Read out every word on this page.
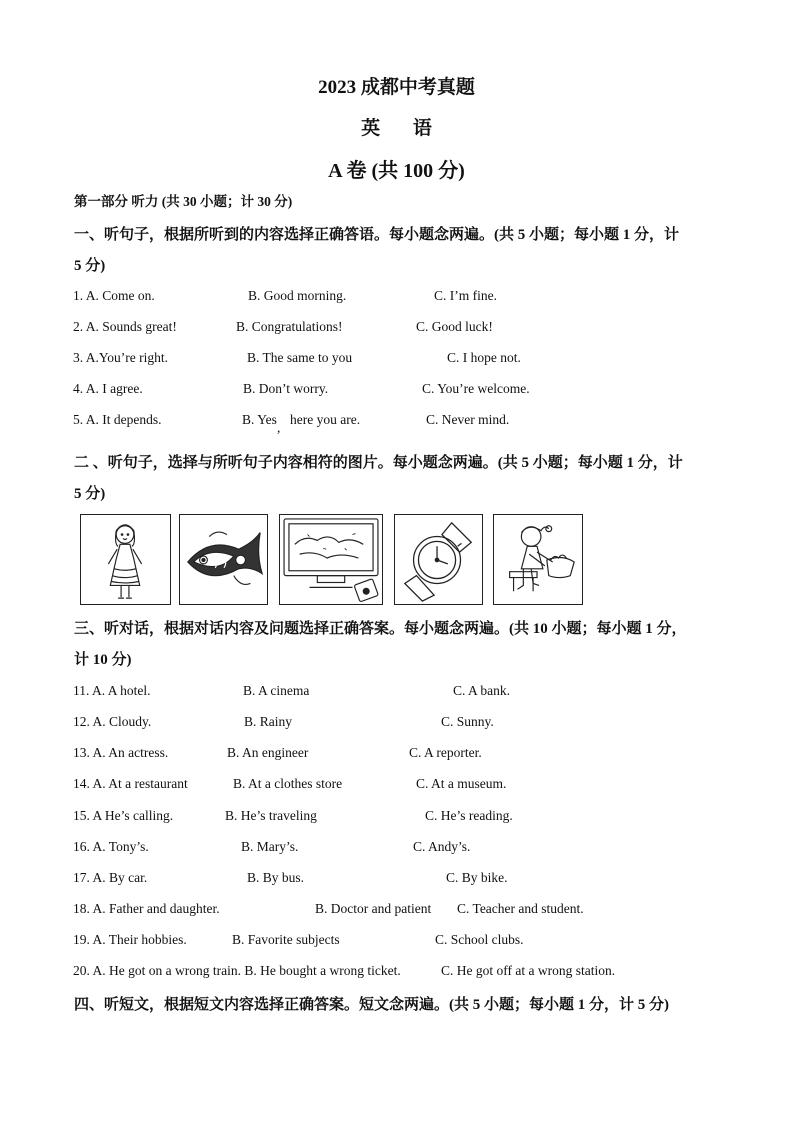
2023 成都中考真题
英 语
A 卷 (共 100 分)
第一部分 听力 (共 30 小题；计 30 分)
一、听句子，根据所听到的内容选择正确答语。每小题念两遍。(共 5 小题；每小题 1 分，计
5 分)
1. A. Come on.	B. Good morning.	C. I’m fine.
2. A. Sounds great!	B. Congratulations!	C. Good luck!
3. A.You’re right.	B. The same to you	C. I hope not.
4. A. I agree.	B. Don’t worry.	C. You’re welcome.
5. A. It depends.	B. Yes
,
here you are.	C. Never mind.
二 、听句子，选择与所听句子内容相符的图片。每小题念两遍。(共 5 小题；每小题 1 分，计
5 分)
三、听对话，根据对话内容及问题选择正确答案。每小题念两遍。(共 10 小题；每小题 1 分，
计 10 分)
11. A. A hotel.	B. A cinema	C. A bank.
12. A. Cloudy.	B. Rainy	C. Sunny.
13. A. An actress.	B. An engineer	C. A reporter.
14. A. At a restaurant	B. At a clothes store	C. At a museum.
15. A He’s calling.	B. He’s traveling	C. He’s reading.
16. A. Tony’s.	B. Mary’s.	C. Andy’s.
17. A. By car.	B. By bus.	C. By bike.
18. A. Father and daughter.	B. Doctor and patient C. Teacher and student.
19. A. Their hobbies.	B. Favorite subjects	C. School clubs.
20. A. He got on a wrong train. B. He bought a wrong ticket.	C. He got off at a wrong station.
四、听短文，根据短文内容选择正确答案。短文念两遍。(共 5 小题；每小题 1 分，计 5 分)
